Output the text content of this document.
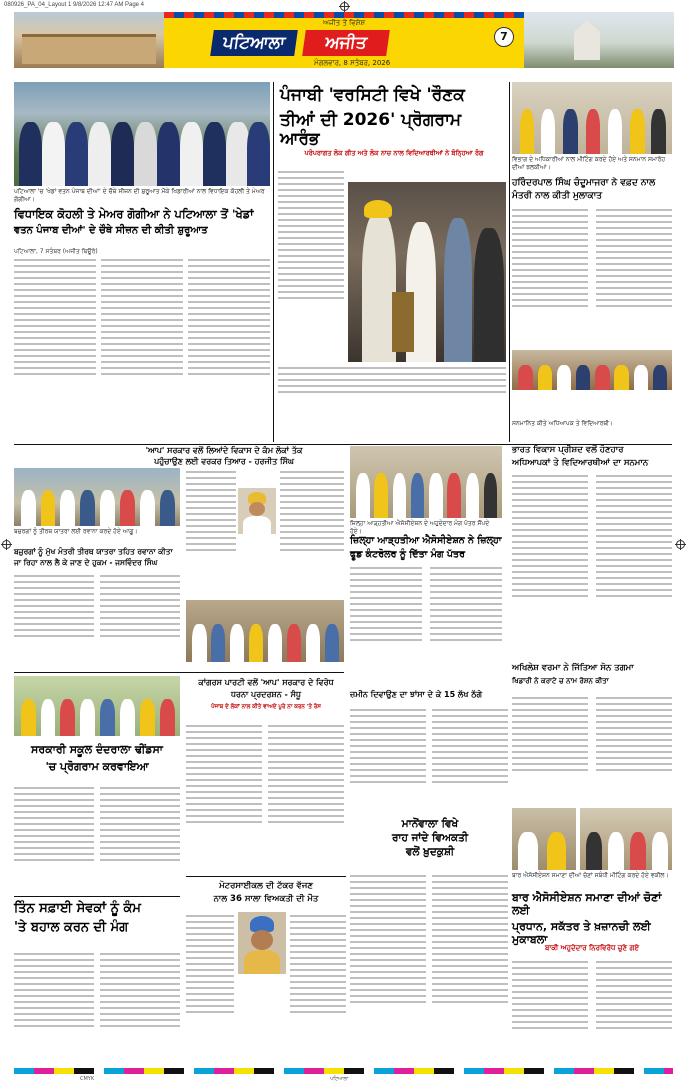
080926_PA_04_Layout 1 9/8/2026 12:47 AM Page 4
ਅਜੀਤ ਤੋਂ ਵਿਸ਼ੇਸ਼
ਪਟਿਆਲਾ	ਅਜੀਤ
ਮੰਗਲਵਾਰ, 8 ਸਤੰਬਰ, 2026
7
ਪਟਿਆਲਾ 'ਚ 'ਖੇਡਾਂ ਵਤਨ ਪੰਜਾਬ ਦੀਆਂ' ਦੇ ਚੌਥੇ ਸੀਜ਼ਨ ਦੀ ਸ਼ੁਰੂਆਤ ਮੌਕੇ ਖਿਡਾਰੀਆਂ ਨਾਲ ਵਿਧਾਇਕ ਕੋਹਲੀ ਤੇ ਮੇਅਰ ਗੋਗੀਆ।
ਵਿਧਾਇਕ ਕੋਹਲੀ ਤੇ ਮੇਅਰ ਗੋਗੀਆ ਨੇ ਪਟਿਆਲਾ ਤੋਂ 'ਖੇਡਾਂ
ਵਤਨ ਪੰਜਾਬ ਦੀਆਂ' ਦੇ ਚੌਥੇ ਸੀਜ਼ਨ ਦੀ ਕੀਤੀ ਸ਼ੁਰੂਆਤ
ਪਟਿਆਲਾ, 7 ਸਤੰਬਰ (ਅਜੀਤ ਬਿਊਰੋ)
ਪੰਜਾਬੀ 'ਵਰਸਿਟੀ ਵਿਖੇ 'ਰੌਣਕ
ਤੀਆਂ ਦੀ 2026' ਪ੍ਰੋਗਰਾਮ ਆਰੰਭ
ਪਰੰਪਰਾਗਤ ਲੋਕ ਗੀਤ ਅਤੇ ਲੋਕ ਨਾਚ ਨਾਲ ਵਿਦਿਆਰਥੀਆਂ ਨੇ ਬੰਨ੍ਹਿਆ ਰੰਗ
ਵਿਭਾਗ ਦੇ ਅਧਿਕਾਰੀਆਂ ਨਾਲ ਮੀਟਿੰਗ ਕਰਦੇ ਹੋਏ ਅਤੇ ਸਨਮਾਨ ਸਮਾਰੋਹ ਦੀਆਂ ਝਲਕੀਆਂ।
ਹਰਿੰਦਰਪਾਲ ਸਿੰਘ ਚੰਦੂਮਾਜਰਾ ਨੇ ਵਫ਼ਦ ਨਾਲ
ਮੰਤਰੀ ਨਾਲ ਕੀਤੀ ਮੁਲਾਕਾਤ
'ਆਪ' ਸਰਕਾਰ ਵਲੋਂ ਲਿਆਂਦੇ ਵਿਕਾਸ ਦੇ ਕੰਮ ਲੋਕਾਂ ਤੱਕ
ਪਹੁੰਚਾਉਣ ਲਈ ਵਰਕਰ ਤਿਆਰ - ਹਰਜੀਤ ਸਿੰਘ
ਬਜ਼ੁਰਗਾਂ ਨੂੰ ਤੀਰਥ ਯਾਤਰਾ ਲਈ ਰਵਾਨਾ ਕਰਦੇ ਹੋਏ ਆਗੂ।
ਬਜ਼ੁਰਗਾਂ ਨੂੰ ਮੁੱਖ ਮੰਤਰੀ ਤੀਰਥ ਯਾਤਰਾ ਤਹਿਤ ਰਵਾਨਾ ਕੀਤਾ
ਜਾ ਰਿਹਾ ਨਾਲ ਲੈ ਕੇ ਜਾਣ ਦੇ ਹੁਕਮ - ਜਸਵਿੰਦਰ ਸਿੰਘ
ਜ਼ਿਲ੍ਹਾ ਆੜ੍ਹਤੀਆ ਐਸੋਸੀਏਸ਼ਨ ਦੇ ਅਹੁਦੇਦਾਰ ਮੰਗ ਪੱਤਰ ਸੌਂਪਦੇ ਹੋਏ।
ਜ਼ਿਲ੍ਹਾ ਆੜ੍ਹਤੀਆ ਐਸੋਸੀਏਸ਼ਨ ਨੇ ਜ਼ਿਲ੍ਹਾ
ਫੂਡ ਕੰਟਰੋਲਰ ਨੂੰ ਦਿੱਤਾ ਮੰਗ ਪੱਤਰ
ਸਨਮਾਨਿਤ ਕੀਤੇ ਅਧਿਆਪਕ ਤੇ ਵਿਦਿਆਰਥੀ।
ਭਾਰਤ ਵਿਕਾਸ ਪ੍ਰੀਸ਼ਦ ਵਲੋਂ ਹੋਣਹਾਰ
ਅਧਿਆਪਕਾਂ ਤੇ ਵਿਦਿਆਰਥੀਆਂ ਦਾ ਸਨਮਾਨ
ਅਖਿਲੇਸ਼ ਵਰਮਾ ਨੇ ਜਿੱਤਿਆ ਸੋਨ ਤਗਮਾ
ਖਿਡਾਰੀ ਨੇ ਕਰਾਟੇ ਚ ਨਾਮ ਰੋਸ਼ਨ ਕੀਤਾ
ਸਰਕਾਰੀ ਸਕੂਲ ਦੰਦਰਾਲਾ ਢੀਂਡਸਾ
'ਚ ਪ੍ਰੋਗਰਾਮ ਕਰਵਾਇਆ
ਕਾਂਗਰਸ ਪਾਰਟੀ ਵਲੋਂ 'ਆਪ' ਸਰਕਾਰ ਦੇ ਵਿਰੋਧ
ਧਰਨਾ ਪ੍ਰਦਰਸ਼ਨ - ਸੰਧੂ
ਪੰਜਾਬ ਦੇ ਲੋਕਾਂ ਨਾਲ ਕੀਤੇ ਵਾਅਦੇ ਪੂਰੇ ਨਾ ਕਰਨ 'ਤੇ ਰੋਸ
ਜ਼ਮੀਨ ਦਿਵਾਉਣ ਦਾ ਝਾਂਸਾ ਦੇ ਕੇ 15 ਲੱਖ ਠੱਗੇ
ਮਾਨੋਂਵਾਲਾ ਵਿਖੇ
ਰਾਹ ਜਾਂਦੇ ਵਿਅਕਤੀ
ਵਲੋਂ ਖ਼ੁਦਕੁਸ਼ੀ
ਮੋਟਰਸਾਈਕਲ ਦੀ ਟੱਕਰ ਵੱਜਣ
ਨਾਲ 36 ਸਾਲਾ ਵਿਅਕਤੀ ਦੀ ਮੌਤ
ਤਿੰਨ ਸਫ਼ਾਈ ਸੇਵਕਾਂ ਨੂੰ ਕੰਮ
'ਤੇ ਬਹਾਲ ਕਰਨ ਦੀ ਮੰਗ
ਬਾਰ ਐਸੋਸੀਏਸ਼ਨ ਸਮਾਣਾ ਦੀਆਂ ਚੋਣਾਂ ਸਬੰਧੀ ਮੀਟਿੰਗ ਕਰਦੇ ਹੋਏ ਵਕੀਲ।
ਬਾਰ ਐਸੋਸੀਏਸ਼ਨ ਸਮਾਣਾ ਦੀਆਂ ਚੋਣਾਂ ਲਈ
ਪ੍ਰਧਾਨ, ਸਕੱਤਰ ਤੇ ਖ਼ਜ਼ਾਨਚੀ ਲਈ ਮੁਕਾਬਲਾ
ਬਾਕੀ ਅਹੁਦੇਦਾਰ ਨਿਰਵਿਰੋਧ ਚੁਣੇ ਗਏ
CMYK	ਪਟਿਆਲਾ
